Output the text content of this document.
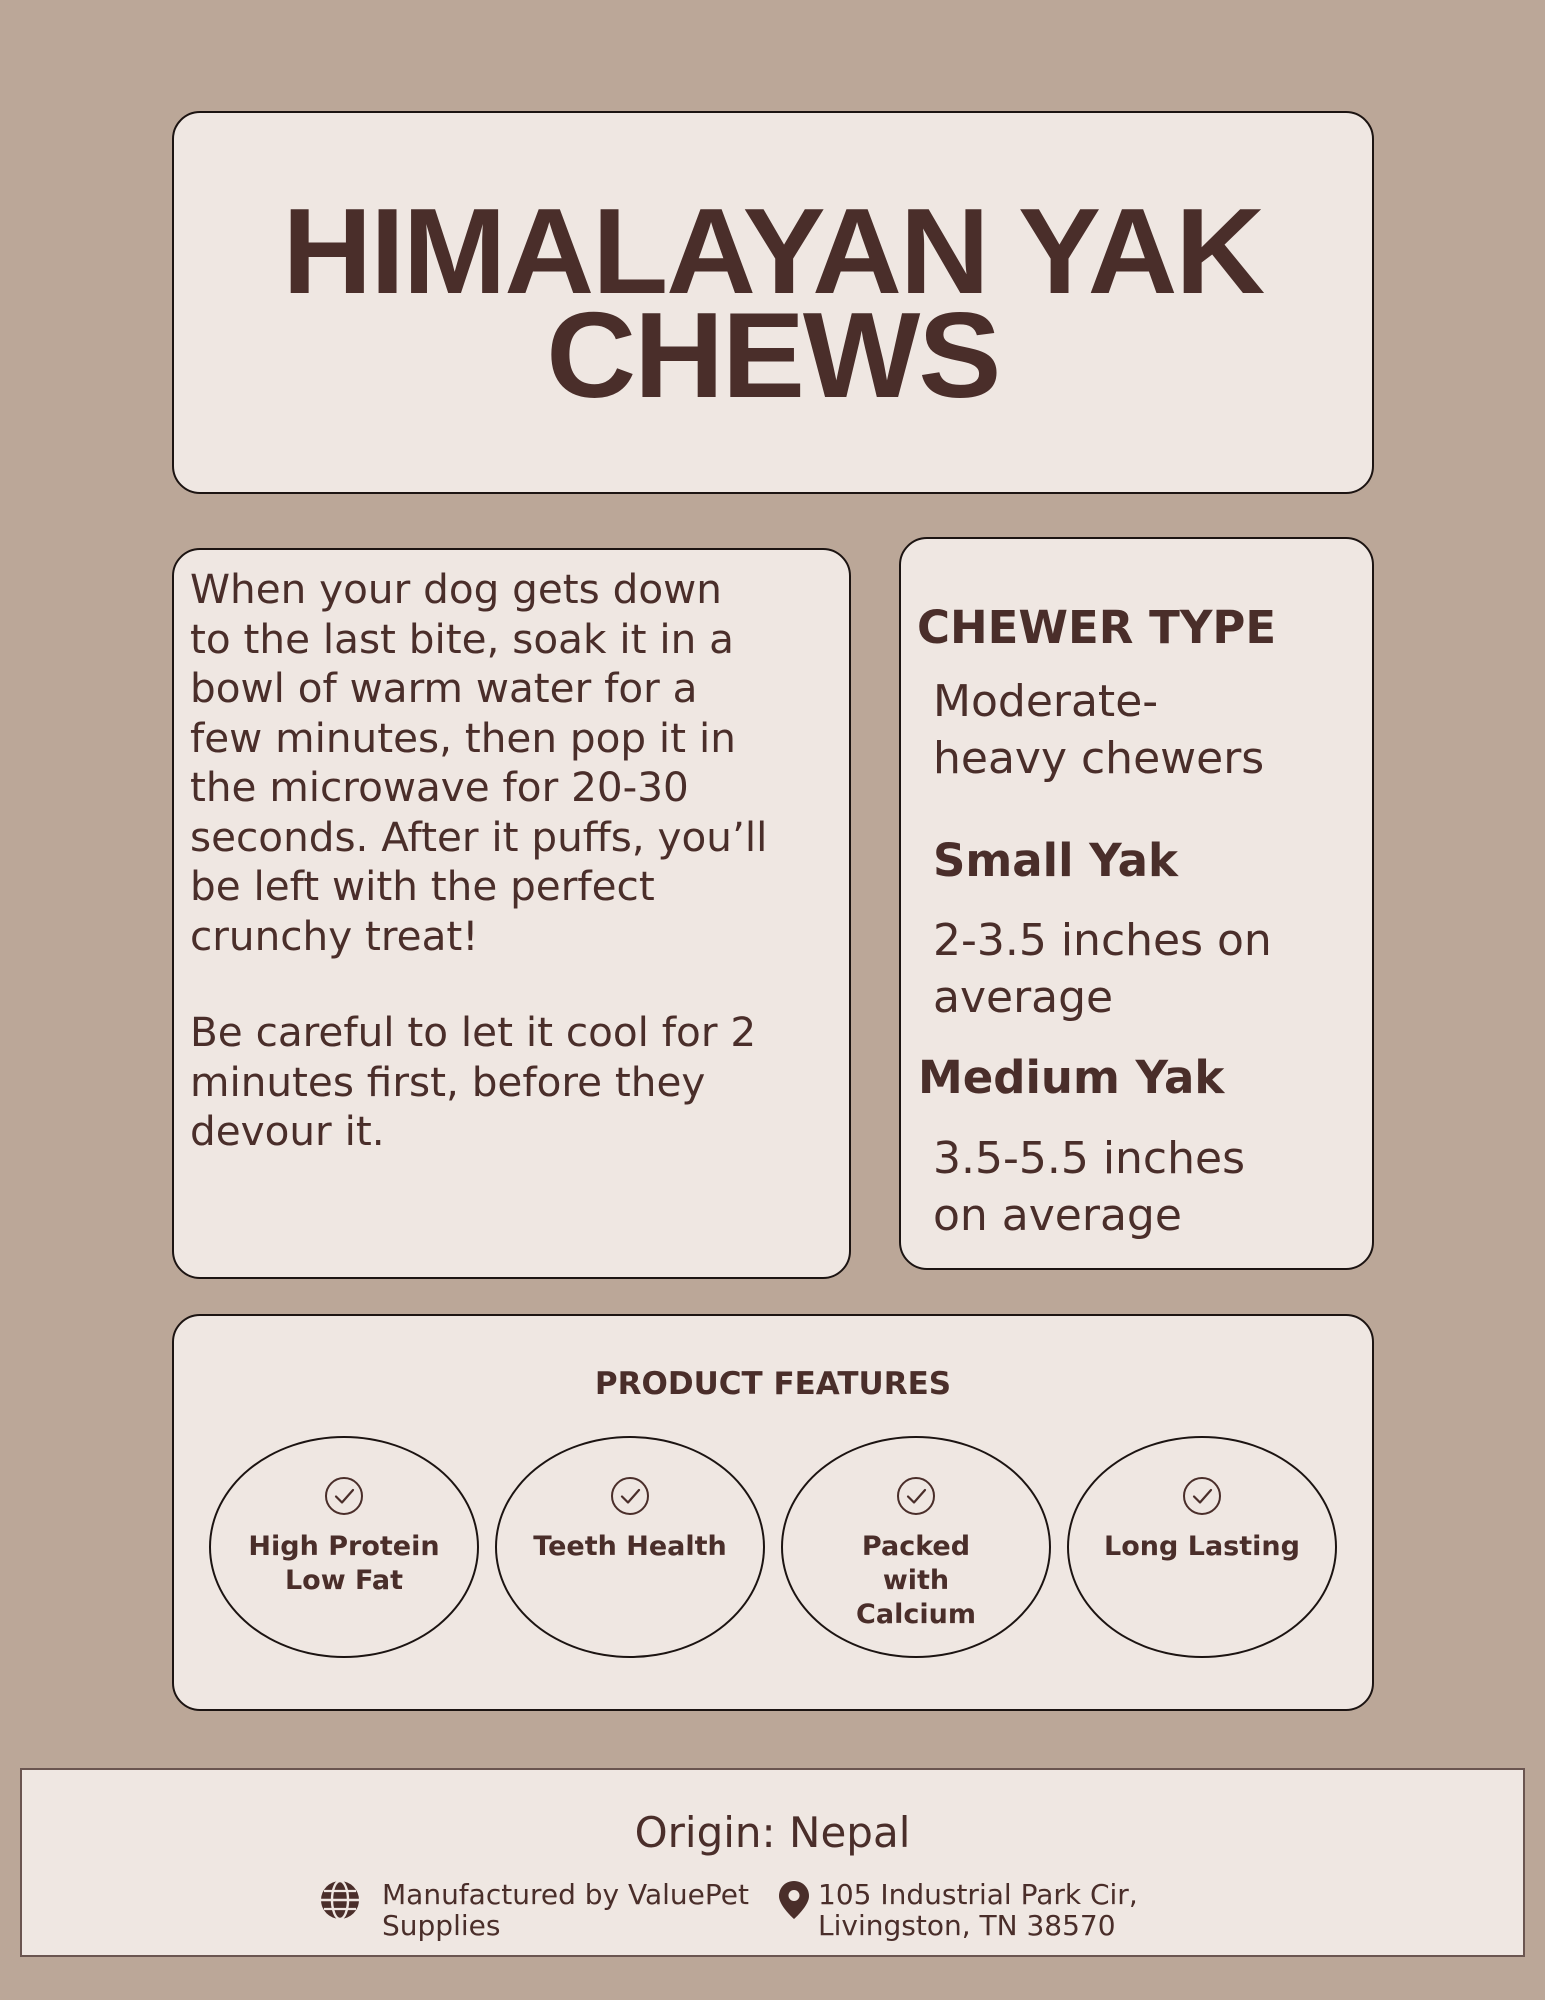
HIMALAYAN YAK
CHEWS

When your dog gets down
to the last bite, soak it in a
bowl of warm water for a
few minutes, then pop it in
the microwave for 20-30
seconds. After it puffs, you’ll
be left with the perfect
crunchy treat!

Be careful to let it cool for 2
minutes first, before they
devour it.

CHEWER TYPE

Moderate-
heavy chewers

Small Yak

2-3.5 inches on
average

Medium Yak

3.5-5.5 inches
on average

PRODUCT FEATURES

High Protein
Low Fat

Teeth Health	Packed
with
Calcium

Long Lasting

Origin: Nepal

Manufactured by ValuePet
Supplies

105 Industrial Park Cir,
Livingston, TN 38570
